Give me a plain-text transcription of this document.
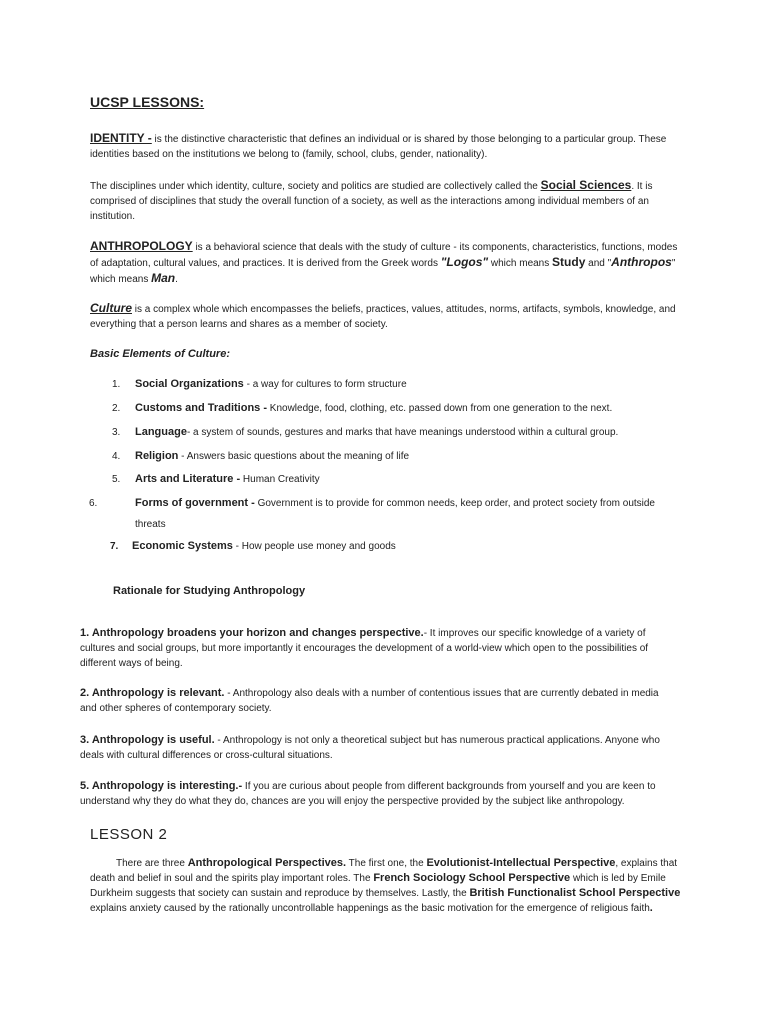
UCSP LESSONS:
IDENTITY - is the distinctive characteristic that defines an individual or is shared by those belonging to a particular group. These identities based on the institutions we belong to (family, school, clubs, gender, nationality).
The disciplines under which identity, culture, society and politics are studied are collectively called the Social Sciences. It is comprised of disciplines that study the overall function of a society, as well as the interactions among individual members of an institution.
ANTHROPOLOGY is a behavioral science that deals with the study of culture - its components, characteristics, functions, modes of adaptation, cultural values, and practices. It is derived from the Greek words "Logos" which means Study and "Anthropos" which means Man.
Culture is a complex whole which encompasses the beliefs, practices, values, attitudes, norms, artifacts, symbols, knowledge, and everything that a person learns and shares as a member of society.
Basic Elements of Culture:
1. Social Organizations - a way for cultures to form structure
2. Customs and Traditions - Knowledge, food, clothing, etc. passed down from one generation to the next.
3. Language- a system of sounds, gestures and marks that have meanings understood within a cultural group.
4. Religion - Answers basic questions about the meaning of life
5. Arts and Literature - Human Creativity
6.	Forms of government - Government is to provide for common needs, keep order, and protect society from outside threats
7. Economic Systems - How people use money and goods
Rationale for Studying Anthropology
1. Anthropology broadens your horizon and changes perspective.- It improves our specific knowledge of a variety of cultures and social groups, but more importantly it encourages the development of a world-view which open to the possibilities of different ways of being.
2. Anthropology is relevant. - Anthropology also deals with a number of contentious issues that are currently debated in media and other spheres of contemporary society.
3. Anthropology is useful. - Anthropology is not only a theoretical subject but has numerous practical applications. Anyone who deals with cultural differences or cross-cultural situations.
5. Anthropology is interesting.- If you are curious about people from different backgrounds from yourself and you are keen to understand why they do what they do, chances are you will enjoy the perspective provided by the subject like anthropology.
LESSON 2
There are three Anthropological Perspectives. The first one, the Evolutionist-Intellectual Perspective, explains that death and belief in soul and the spirits play important roles. The French Sociology School Perspective which is led by Emile Durkheim suggests that society can sustain and reproduce by themselves. Lastly, the British Functionalist School Perspective explains anxiety caused by the rationally uncontrollable happenings as the basic motivation for the emergence of religious faith.
